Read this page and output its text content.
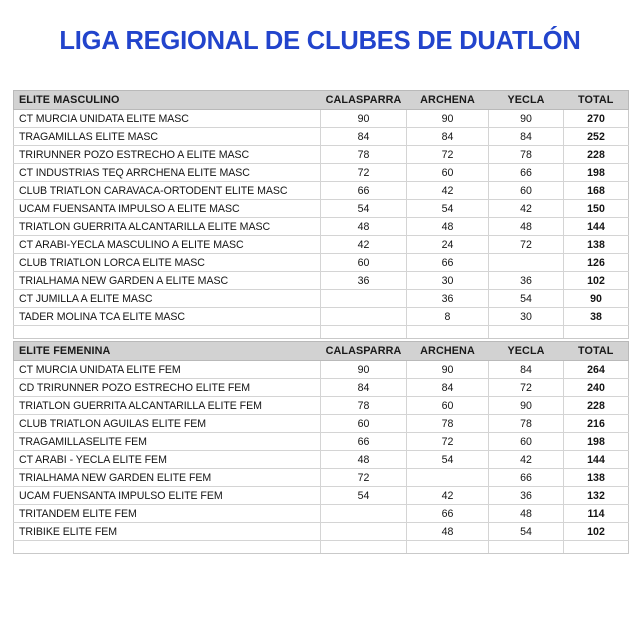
LIGA REGIONAL DE CLUBES DE DUATLÓN
ELITE MASCULINO	CALASPARRA	ARCHENA	YECLA	TOTAL
CT MURCIA UNIDATA ELITE MASC	90	90	90	270
TRAGAMILLAS ELITE MASC	84	84	84	252
TRIRUNNER POZO ESTRECHO A ELITE MASC	78	72	78	228
CT INDUSTRIAS TEQ ARRCHENA ELITE MASC	72	60	66	198
CLUB TRIATLON CARAVACA-ORTODENT ELITE MASC	66	42	60	168
UCAM FUENSANTA IMPULSO A ELITE MASC	54	54	42	150
TRIATLON GUERRITA ALCANTARILLA ELITE MASC	48	48	48	144
CT ARABI-YECLA MASCULINO A ELITE MASC	42	24	72	138
CLUB TRIATLON LORCA ELITE MASC	60	66		126
TRIALHAMA NEW GARDEN A ELITE MASC	36	30	36	102
CT JUMILLA A ELITE MASC		36	54	90
TADER MOLINA TCA ELITE MASC		8	30	38

ELITE FEMENINA	CALASPARRA	ARCHENA	YECLA	TOTAL
CT MURCIA UNIDATA ELITE FEM	90	90	84	264
CD TRIRUNNER POZO ESTRECHO ELITE FEM	84	84	72	240
TRIATLON GUERRITA ALCANTARILLA ELITE FEM	78	60	90	228
CLUB TRIATLON AGUILAS ELITE FEM	60	78	78	216
TRAGAMILLASELITE FEM	66	72	60	198
CT ARABI - YECLA ELITE FEM	48	54	42	144
TRIALHAMA NEW GARDEN ELITE FEM	72		66	138
UCAM FUENSANTA IMPULSO ELITE FEM	54	42	36	132
TRITANDEM ELITE FEM		66	48	114
TRIBIKE ELITE FEM		48	54	102
